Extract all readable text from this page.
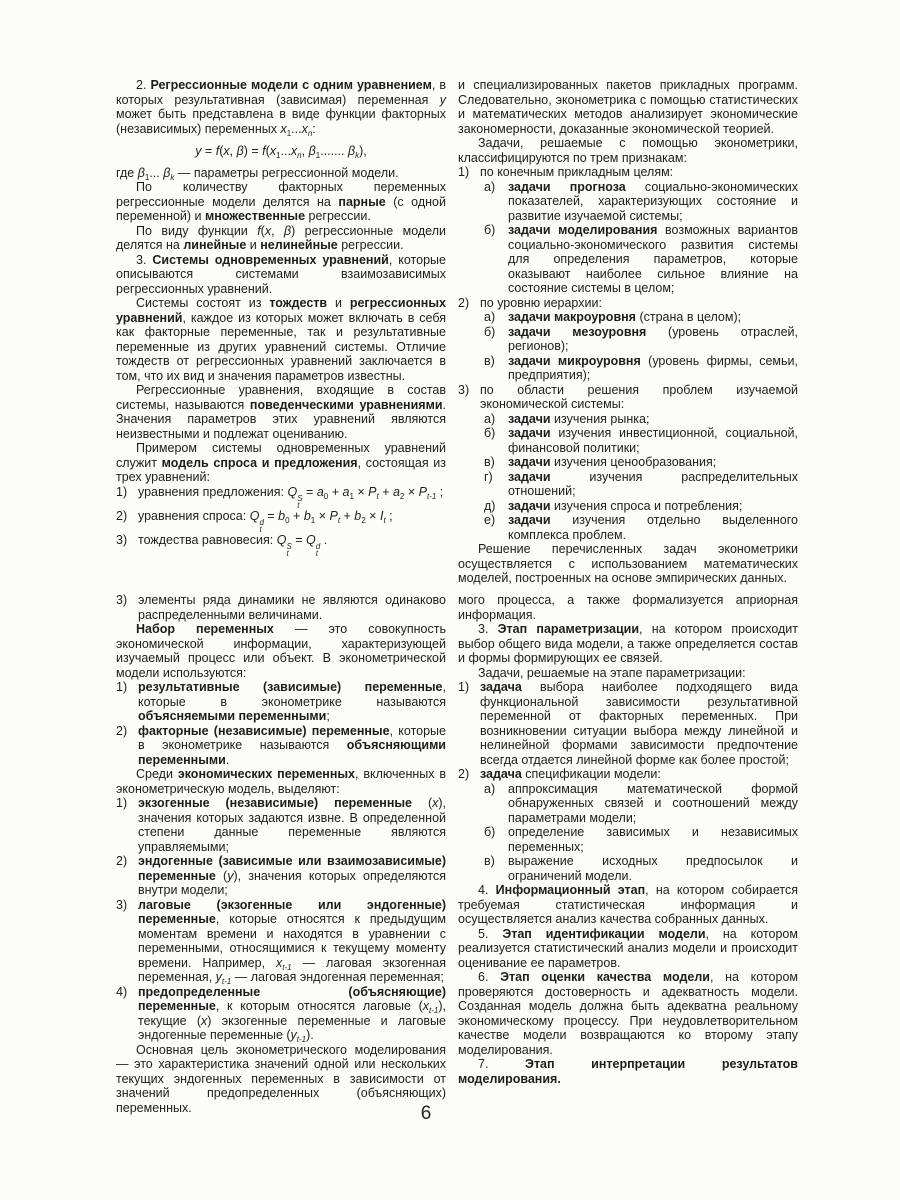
2. Регрессионные модели с одним уравнением, в которых результативная (зависимая) переменная y может быть представлена в виде функции факторных (независимых) переменных $x_1...x_n$:
y = f(x, $\beta) = f(x_1...x_n$, $\beta_1$....... $\beta_k$),
где $\beta_1$... $\beta_k$ — параметры регрессионной модели.
По количеству факторных переменных регрессионные модели делятся на парные (с одной переменной) и множественные регрессии.
По виду функции f(x, β) регрессионные модели делятся на линейные и нелинейные регрессии.
3. Системы одновременных уравнений, которые описываются системами взаимозависимых регрессионных уравнений.
Системы состоят из тождеств и регрессионных уравнений, каждое из которых может включать в себя как факторные переменные, так и результативные переменные из других уравнений системы. Отличие тождеств от регрессионных уравнений заключается в том, что их вид и значения параметров известны.
Регрессионные уравнения, входящие в состав системы, называются поведенческими уравнениями. Значения параметров этих уравнений являются неизвестными и подлежат оцениванию.
Примером системы одновременных уравнений служит модель спроса и предложения, состоящая из трех уравнений:
1) уравнения предложения: Q S
t
= $a_0 + a_1 \times P_t + a_2 \times P_{t-1}$ ;
2) уравнения спроса: Q d
t
= $b_0 + b_1 \times P_t + b_2 \times I_t$ ;
3) тождества равновесия: Q S
t
= Q d
t
.
и специализированных пакетов прикладных программ. Следовательно, эконометрика с помощью статистических и математических методов анализирует экономические закономерности, доказанные экономической теорией.
Задачи, решаемые с помощью эконометрики, классифицируются по трем признакам:
1) по конечным прикладным целям:
а) задачи прогноза социально-экономических показателей, характеризующих состояние и развитие изучаемой системы;
б) задачи моделирования возможных вариантов социально-экономического развития системы для определения параметров, которые оказывают наиболее сильное влияние на состояние системы в целом;
2) по уровню иерархии:
а) задачи макроуровня (страна в целом);
б) задачи мезоуровня (уровень отраслей, регионов);
в) задачи микроуровня (уровень фирмы, семьи, предприятия);
3) по области решения проблем изучаемой экономической системы:
а) задачи изучения рынка;
б) задачи изучения инвестиционной, социальной, финансовой политики;
в) задачи изучения ценообразования;
г) задачи изучения распределительных отношений;
д) задачи изучения спроса и потребления;
е) задачи изучения отдельно выделенного комплекса проблем.
Решение перечисленных задач эконометрики осуществляется с использованием математических моделей, построенных на основе эмпирических данных.
3) элементы ряда динамики не являются одинаково распределенными величинами.
Набор переменных — это совокупность экономической информации, характеризующей изучаемый процесс или объект. В эконометрической модели используются:
1) результативные (зависимые) переменные, которые в эконометрике называются объясняемыми переменными;
2) факторные (независимые) переменные, которые в эконометрике называются объясняющими переменными.
Среди экономических переменных, включенных в эконометрическую модель, выделяют:
1) экзогенные (независимые) переменные (x), значения которых задаются извне. В определенной степени данные переменные являются управляемыми;
2) эндогенные (зависимые или взаимозависимые) переменные (y), значения которых определяются внутри модели;
3) лаговые (экзогенные или эндогенные) переменные, которые относятся к предыдущим моментам времени и находятся в уравнении с переменными, относящимися к текущему моменту времени. Например, $x_{t-1}$ — лаговая экзогенная переменная, $y_{t-1}$ — лаговая эндогенная переменная;
4) предопределенные (объясняющие) переменные, к которым относятся лаговые $(x_{t-1})$, текущие (x) экзогенные переменные и лаговые эндогенные переменные $(y_{t-1})$.
Основная цель эконометрического моделирования — это характеристика значений одной или нескольких текущих эндогенных переменных в зависимости от значений предопределенных (объясняющих) переменных.
мого процесса, а также формализуется априорная информация.
3. Этап параметризации, на котором происходит выбор общего вида модели, а также определяется состав и формы формирующих ее связей.
Задачи, решаемые на этапе параметризации:
1) задача выбора наиболее подходящего вида функциональной зависимости результативной переменной от факторных переменных. При возникновении ситуации выбора между линейной и нелинейной формами зависимости предпочтение всегда отдается линейной форме как более простой;
2) задача спецификации модели:
а) аппроксимация математической формой обнаруженных связей и соотношений между параметрами модели;
б) определение зависимых и независимых переменных;
в) выражение исходных предпосылок и ограничений модели.
4. Информационный этап, на котором собирается требуемая статистическая информация и осуществляется анализ качества собранных данных.
5. Этап идентификации модели, на котором реализуется статистический анализ модели и происходит оценивание ее параметров.
6. Этап оценки качества модели, на котором проверяются достоверность и адекватность модели. Созданная модель должна быть адекватна реальному экономическому процессу. При неудовлетворительном качестве модели возвращаются ко второму этапу моделирования.
7. Этап интерпретации результатов моделирования.
6
